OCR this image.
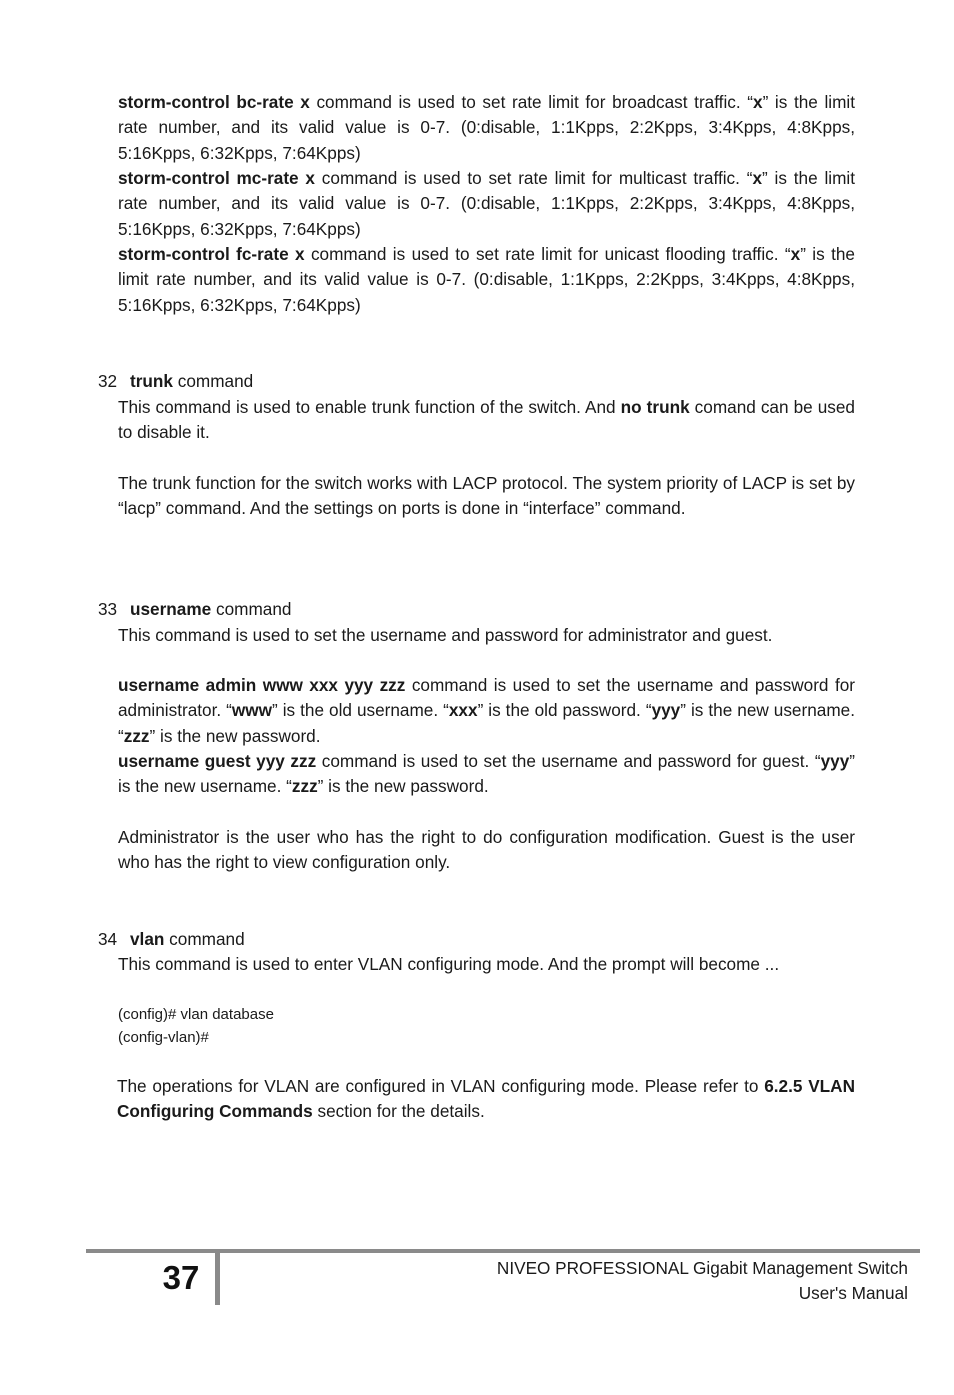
storm-control bc-rate x command is used to set rate limit for broadcast traffic. “x” is the limit rate number, and its valid value is 0-7. (0:disable, 1:1Kpps, 2:2Kpps, 3:4Kpps, 4:8Kpps, 5:16Kpps, 6:32Kpps, 7:64Kpps)

storm-control mc-rate x command is used to set rate limit for multicast traffic. “x” is the limit rate number, and its valid value is 0-7. (0:disable, 1:1Kpps, 2:2Kpps, 3:4Kpps, 4:8Kpps, 5:16Kpps, 6:32Kpps, 7:64Kpps)

storm-control fc-rate x command is used to set rate limit for unicast flooding traffic. “x” is the limit rate number, and its valid value is 0-7. (0:disable, 1:1Kpps, 2:2Kpps, 3:4Kpps, 4:8Kpps, 5:16Kpps, 6:32Kpps, 7:64Kpps)

32 trunk command

This command is used to enable trunk function of the switch. And no trunk comand can be used to disable it.

The trunk function for the switch works with LACP protocol. The system priority of LACP is set by “lacp” command. And the settings on ports is done in “interface” command.

33 username command

This command is used to set the username and password for administrator and guest.

username admin www xxx yyy zzz command is used to set the username and password for administrator. “www” is the old username. “xxx” is the old password. “yyy” is the new username. “zzz” is the new password.

username guest yyy zzz command is used to set the username and password for guest. “yyy” is the new username. “zzz” is the new password.

Administrator is the user who has the right to do configuration modification. Guest is the user who has the right to view configuration only.

34 vlan command

This command is used to enter VLAN configuring mode. And the prompt will become ...

(config)# vlan database

(config-vlan)#

The operations for VLAN are configured in VLAN configuring mode. Please refer to 6.2.5 VLAN Configuring Commands section for the details.

37	NIVEO PROFESSIONAL Gigabit Management Switch
User's Manual
